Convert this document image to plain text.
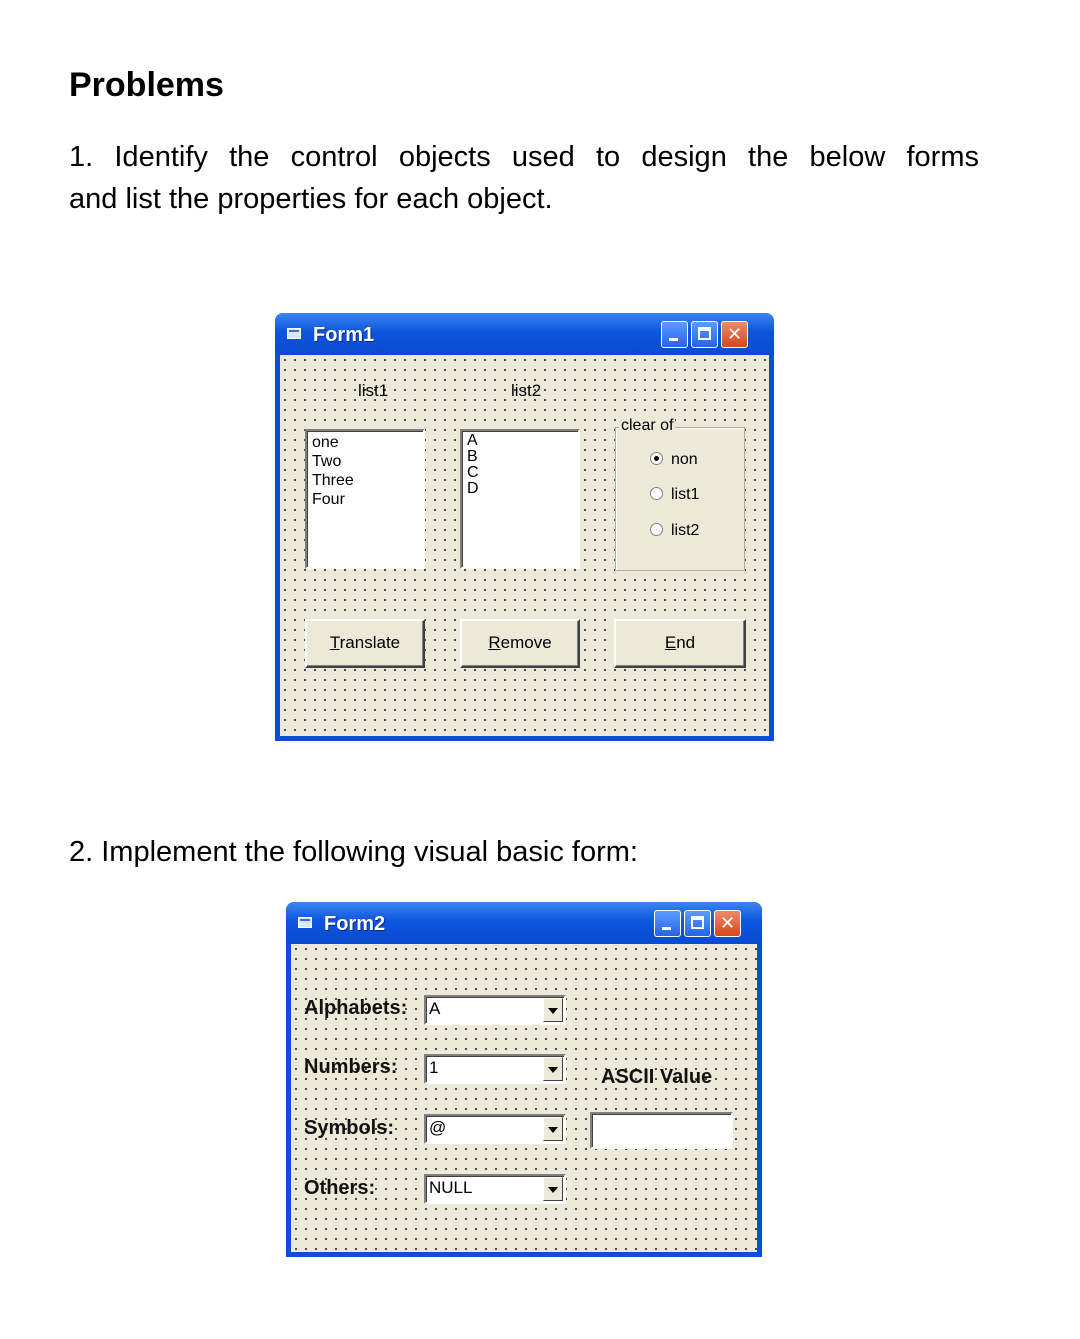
Problems
1. Identify the control objects used to design the below forms
and list the properties for each object.
Form1	✕
list1	list2
one
Two
Three
Four
A
B
C
D
clear of
non
list1
list2
Translate	Remove	End
2. Implement the following visual basic form:
Form2	✕
Alphabets: A
Numbers: 1
Symbols: @
Others:	NULL
ASCII Value
